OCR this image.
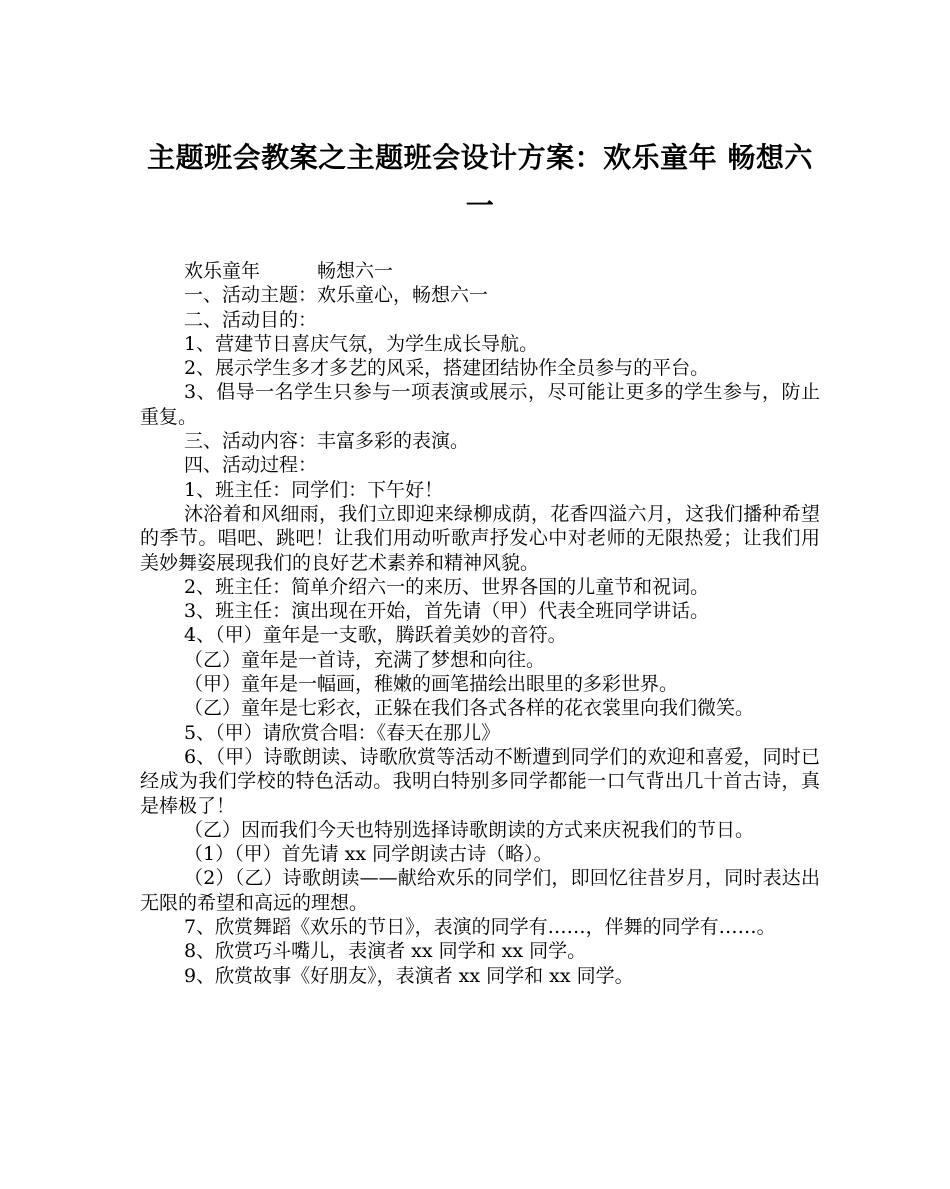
主题班会教案之主题班会设计方案：欢乐童年 畅想六一

欢乐童年　　　畅想六一

一、活动主题：欢乐童心，畅想六一

二、活动目的：

1、营建节日喜庆气氛，为学生成长导航。

2、展示学生多才多艺的风采，搭建团结协作全员参与的平台。

3、倡导一名学生只参与一项表演或展示，尽可能让更多的学生参与，防止重复。

三、活动内容：丰富多彩的表演。

四、活动过程：

1、班主任：同学们：下午好！

沐浴着和风细雨，我们立即迎来绿柳成荫，花香四溢六月，这我们播种希望的季节。唱吧、跳吧！让我们用动听歌声抒发心中对老师的无限热爱；让我们用美妙舞姿展现我们的良好艺术素养和精神风貌。

2、班主任：简单介绍六一的来历、世界各国的儿童节和祝词。

3、班主任：演出现在开始，首先请（甲）代表全班同学讲话。

4、（甲）童年是一支歌，腾跃着美妙的音符。

（乙）童年是一首诗，充满了梦想和向往。

（甲）童年是一幅画，稚嫩的画笔描绘出眼里的多彩世界。

（乙）童年是七彩衣，正躲在我们各式各样的花衣裳里向我们微笑。

5、（甲）请欣赏合唱：《春天在那儿》

6、（甲）诗歌朗读、诗歌欣赏等活动不断遭到同学们的欢迎和喜爱，同时已经成为我们学校的特色活动。我明白特别多同学都能一口气背出几十首古诗，真是棒极了！

（乙）因而我们今天也特别选择诗歌朗读的方式来庆祝我们的节日。

（1）（甲）首先请 xx 同学朗读古诗（略）。

（2）（乙）诗歌朗读——献给欢乐的同学们，即回忆往昔岁月，同时表达出无限的希望和高远的理想。

7、欣赏舞蹈《欢乐的节日》，表演的同学有……，伴舞的同学有……。

8、欣赏巧斗嘴儿，表演者 xx 同学和 xx 同学。

9、欣赏故事《好朋友》，表演者 xx 同学和 xx 同学。
